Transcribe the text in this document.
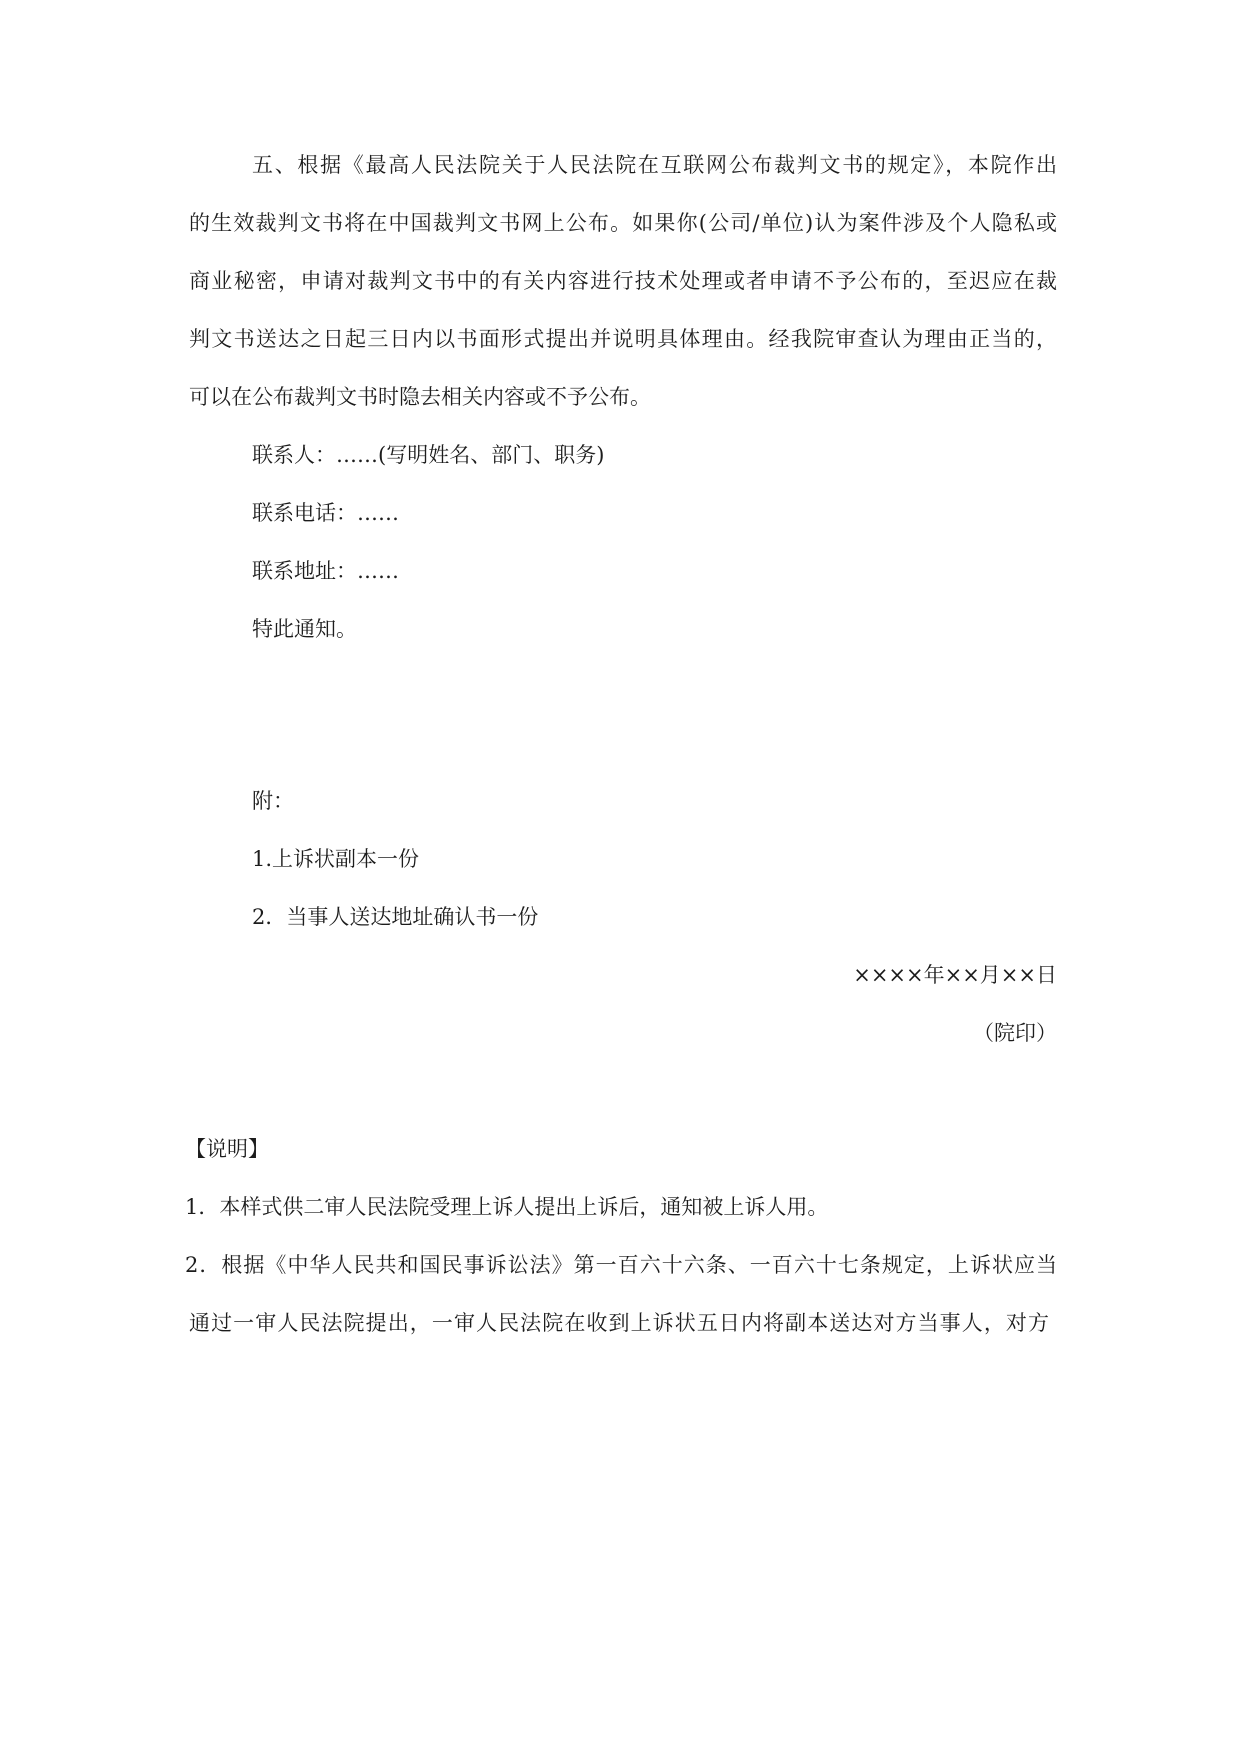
五、根据《最高人民法院关于人民法院在互联网公布裁判文书的规定》，本院作出

的生效裁判文书将在中国裁判文书网上公布。如果你(公司/单位)认为案件涉及个人隐私或

商业秘密，申请对裁判文书中的有关内容进行技术处理或者申请不予公布的，至迟应在裁

判文书送达之日起三日内以书面形式提出并说明具体理由。经我院审查认为理由正当的，

可以在公布裁判文书时隐去相关内容或不予公布。

联系人：……(写明姓名、部门、职务)

联系电话：……

联系地址：……

特此通知。

附：

1.上诉状副本一份

2．当事人送达地址确认书一份

××××年××月××日

（院印）

【说明】

1．本样式供二审人民法院受理上诉人提出上诉后，通知被上诉人用。

2．根据《中华人民共和国民事诉讼法》第一百六十六条、一百六十七条规定，上诉状应当

通过一审人民法院提出，一审人民法院在收到上诉状五日内将副本送达对方当事人，对方
